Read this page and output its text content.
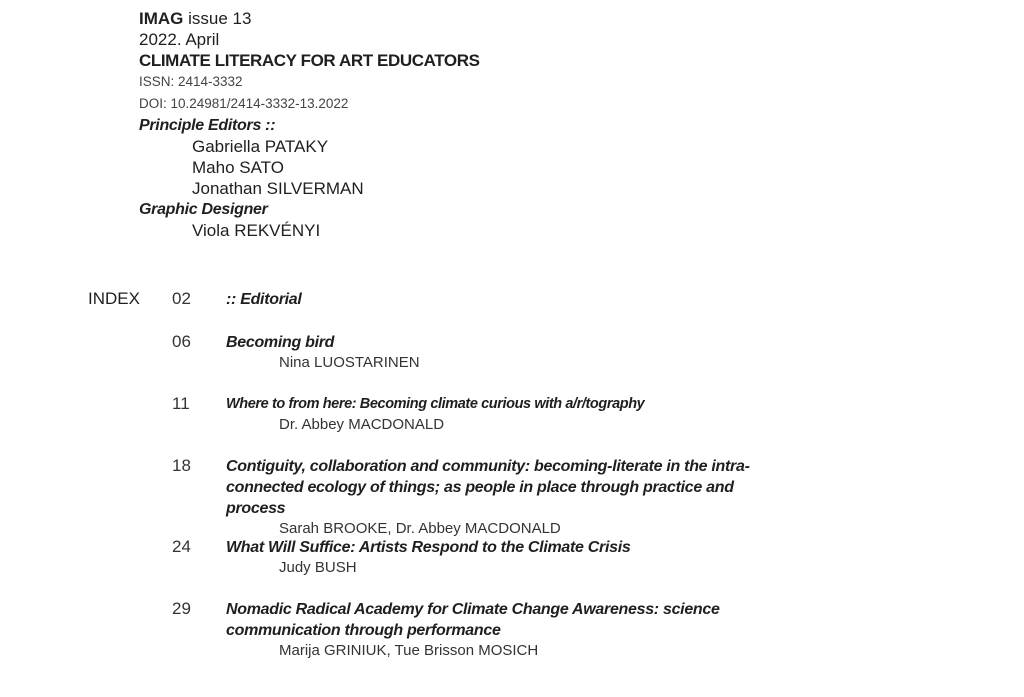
IMAG issue 13
2022. April
CLIMATE LITERACY FOR ART EDUCATORS
ISSN: 2414-3332
DOI: 10.24981/2414-3332-13.2022
Principle Editors ::
Gabriella PATAKY
Maho SATO
Jonathan SILVERMAN
Graphic Designer
Viola REKVÉNYI
INDEX 02 :: Editorial
06 Becoming bird
Nina LUOSTARINEN
11	Where to from here: Becoming climate curious with a/r/tography
Dr. Abbey MACDONALD
18 Contiguity, collaboration and community: becoming-literate in the intra-connected ecology of things; as people in place through practice and process
Sarah BROOKE, Dr. Abbey MACDONALD
24 What Will Suffice: Artists Respond to the Climate Crisis
Judy BUSH
29 Nomadic Radical Academy for Climate Change Awareness: science communication through performance
Marija GRINIUK, Tue Brisson MOSICH
